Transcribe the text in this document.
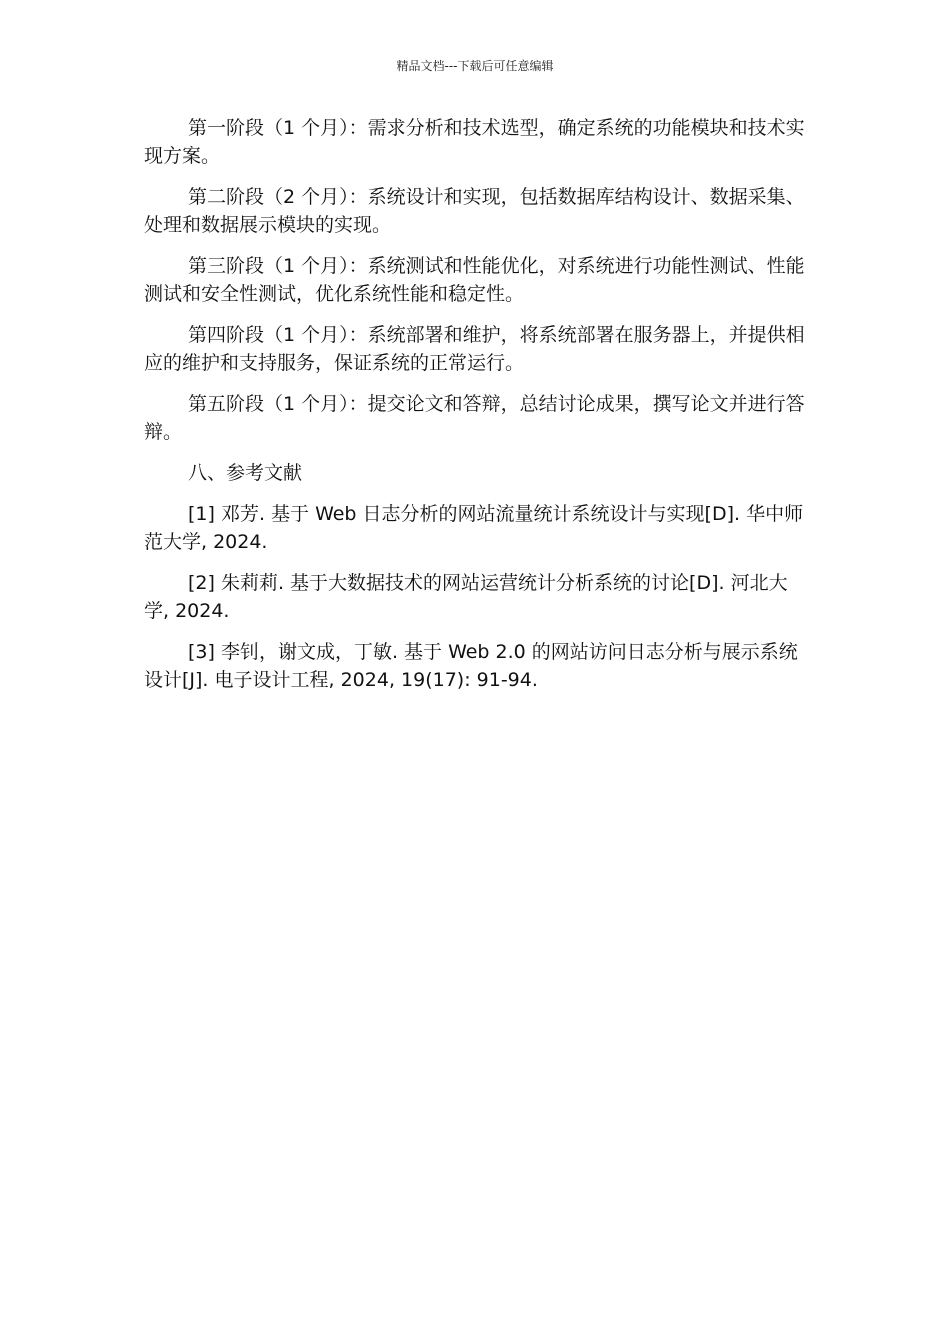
精品文档---下载后可任意编辑

第一阶段（1 个月）：需求分析和技术选型，确定系统的功能模块和技术实现方案。

第二阶段（2 个月）：系统设计和实现，包括数据库结构设计、数据采集、处理和数据展示模块的实现。

第三阶段（1 个月）：系统测试和性能优化，对系统进行功能性测试、性能测试和安全性测试，优化系统性能和稳定性。

第四阶段（1 个月）：系统部署和维护，将系统部署在服务器上，并提供相应的维护和支持服务，保证系统的正常运行。

第五阶段（1 个月）：提交论文和答辩，总结讨论成果，撰写论文并进行答辩。

八、参考文献

[1] 邓芳. 基于 Web 日志分析的网站流量统计系统设计与实现[D]. 华中师范大学, 2024.

[2] 朱莉莉. 基于大数据技术的网站运营统计分析系统的讨论[D]. 河北大学, 2024.

[3] 李钊，谢文成，丁敏. 基于 Web 2.0 的网站访问日志分析与展示系统设计[J]. 电子设计工程, 2024, 19(17): 91-94.
